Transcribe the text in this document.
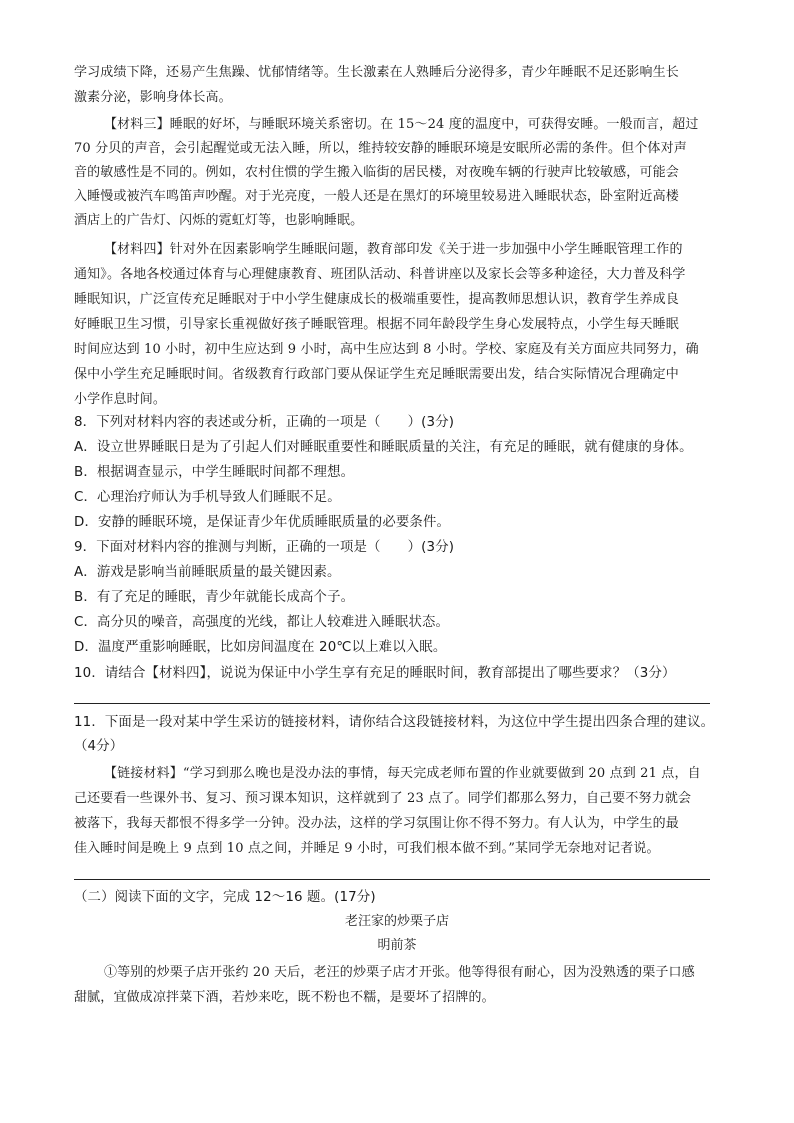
学习成绩下降，还易产生焦躁、忧郁情绪等。生长激素在人熟睡后分泌得多，青少年睡眠不足还影响生长
激素分泌，影响身体长高。
【材料三】睡眠的好坏，与睡眠环境关系密切。在 15～24 度的温度中，可获得安睡。一般而言，超过
70 分贝的声音，会引起醒觉或无法入睡，所以，维持较安静的睡眠环境是安眠所必需的条件。但个体对声
音的敏感性是不同的。例如，农村住惯的学生搬入临街的居民楼，对夜晚车辆的行驶声比较敏感，可能会
入睡慢或被汽车鸣笛声吵醒。对于光亮度，一般人还是在黑灯的环境里较易进入睡眠状态，卧室附近高楼
酒店上的广告灯、闪烁的霓虹灯等，也影响睡眠。
【材料四】针对外在因素影响学生睡眠问题，教育部印发《关于进一步加强中小学生睡眠管理工作的
通知》。各地各校通过体育与心理健康教育、班团队活动、科普讲座以及家长会等多种途径，大力普及科学
睡眠知识，广泛宣传充足睡眠对于中小学生健康成长的极端重要性，提高教师思想认识，教育学生养成良
好睡眠卫生习惯，引导家长重视做好孩子睡眠管理。根据不同年龄段学生身心发展特点，小学生每天睡眠
时间应达到 10 小时，初中生应达到 9 小时，高中生应达到 8 小时。学校、家庭及有关方面应共同努力，确
保中小学生充足睡眠时间。省级教育行政部门要从保证学生充足睡眠需要出发，结合实际情况合理确定中
小学作息时间。
8．下列对材料内容的表述或分析，正确的一项是（　　）(3分)
A．设立世界睡眠日是为了引起人们对睡眠重要性和睡眠质量的关注，有充足的睡眠，就有健康的身体。
B．根据调查显示，中学生睡眠时间都不理想。
C．心理治疗师认为手机导致人们睡眠不足。
D．安静的睡眠环境，是保证青少年优质睡眠质量的必要条件。
9．下面对材料内容的推测与判断，正确的一项是（　　）(3分)
A．游戏是影响当前睡眠质量的最关键因素。
B．有了充足的睡眠，青少年就能长成高个子。
C．高分贝的噪音，高强度的光线，都让人较难进入睡眠状态。
D．温度严重影响睡眠，比如房间温度在 20℃以上难以入眠。
10．请结合【材料四】，说说为保证中小学生享有充足的睡眠时间，教育部提出了哪些要求？（3分）
11．下面是一段对某中学生采访的链接材料，请你结合这段链接材料，为这位中学生提出四条合理的建议。
（4分）
【链接材料】“学习到那么晚也是没办法的事情，每天完成老师布置的作业就要做到 20 点到 21 点，自
己还要看一些课外书、复习、预习课本知识，这样就到了 23 点了。同学们都那么努力，自己要不努力就会
被落下，我每天都恨不得多学一分钟。没办法，这样的学习氛围让你不得不努力。有人认为，中学生的最
佳入睡时间是晚上 9 点到 10 点之间，并睡足 9 小时，可我们根本做不到。”某同学无奈地对记者说。
（二）阅读下面的文字，完成 12～16 题。(17分)
老汪家的炒栗子店
明前茶
①等别的炒栗子店开张约 20 天后，老汪的炒栗子店才开张。他等得很有耐心，因为没熟透的栗子口感
甜腻，宜做成凉拌菜下酒，若炒来吃，既不粉也不糯，是要坏了招牌的。
